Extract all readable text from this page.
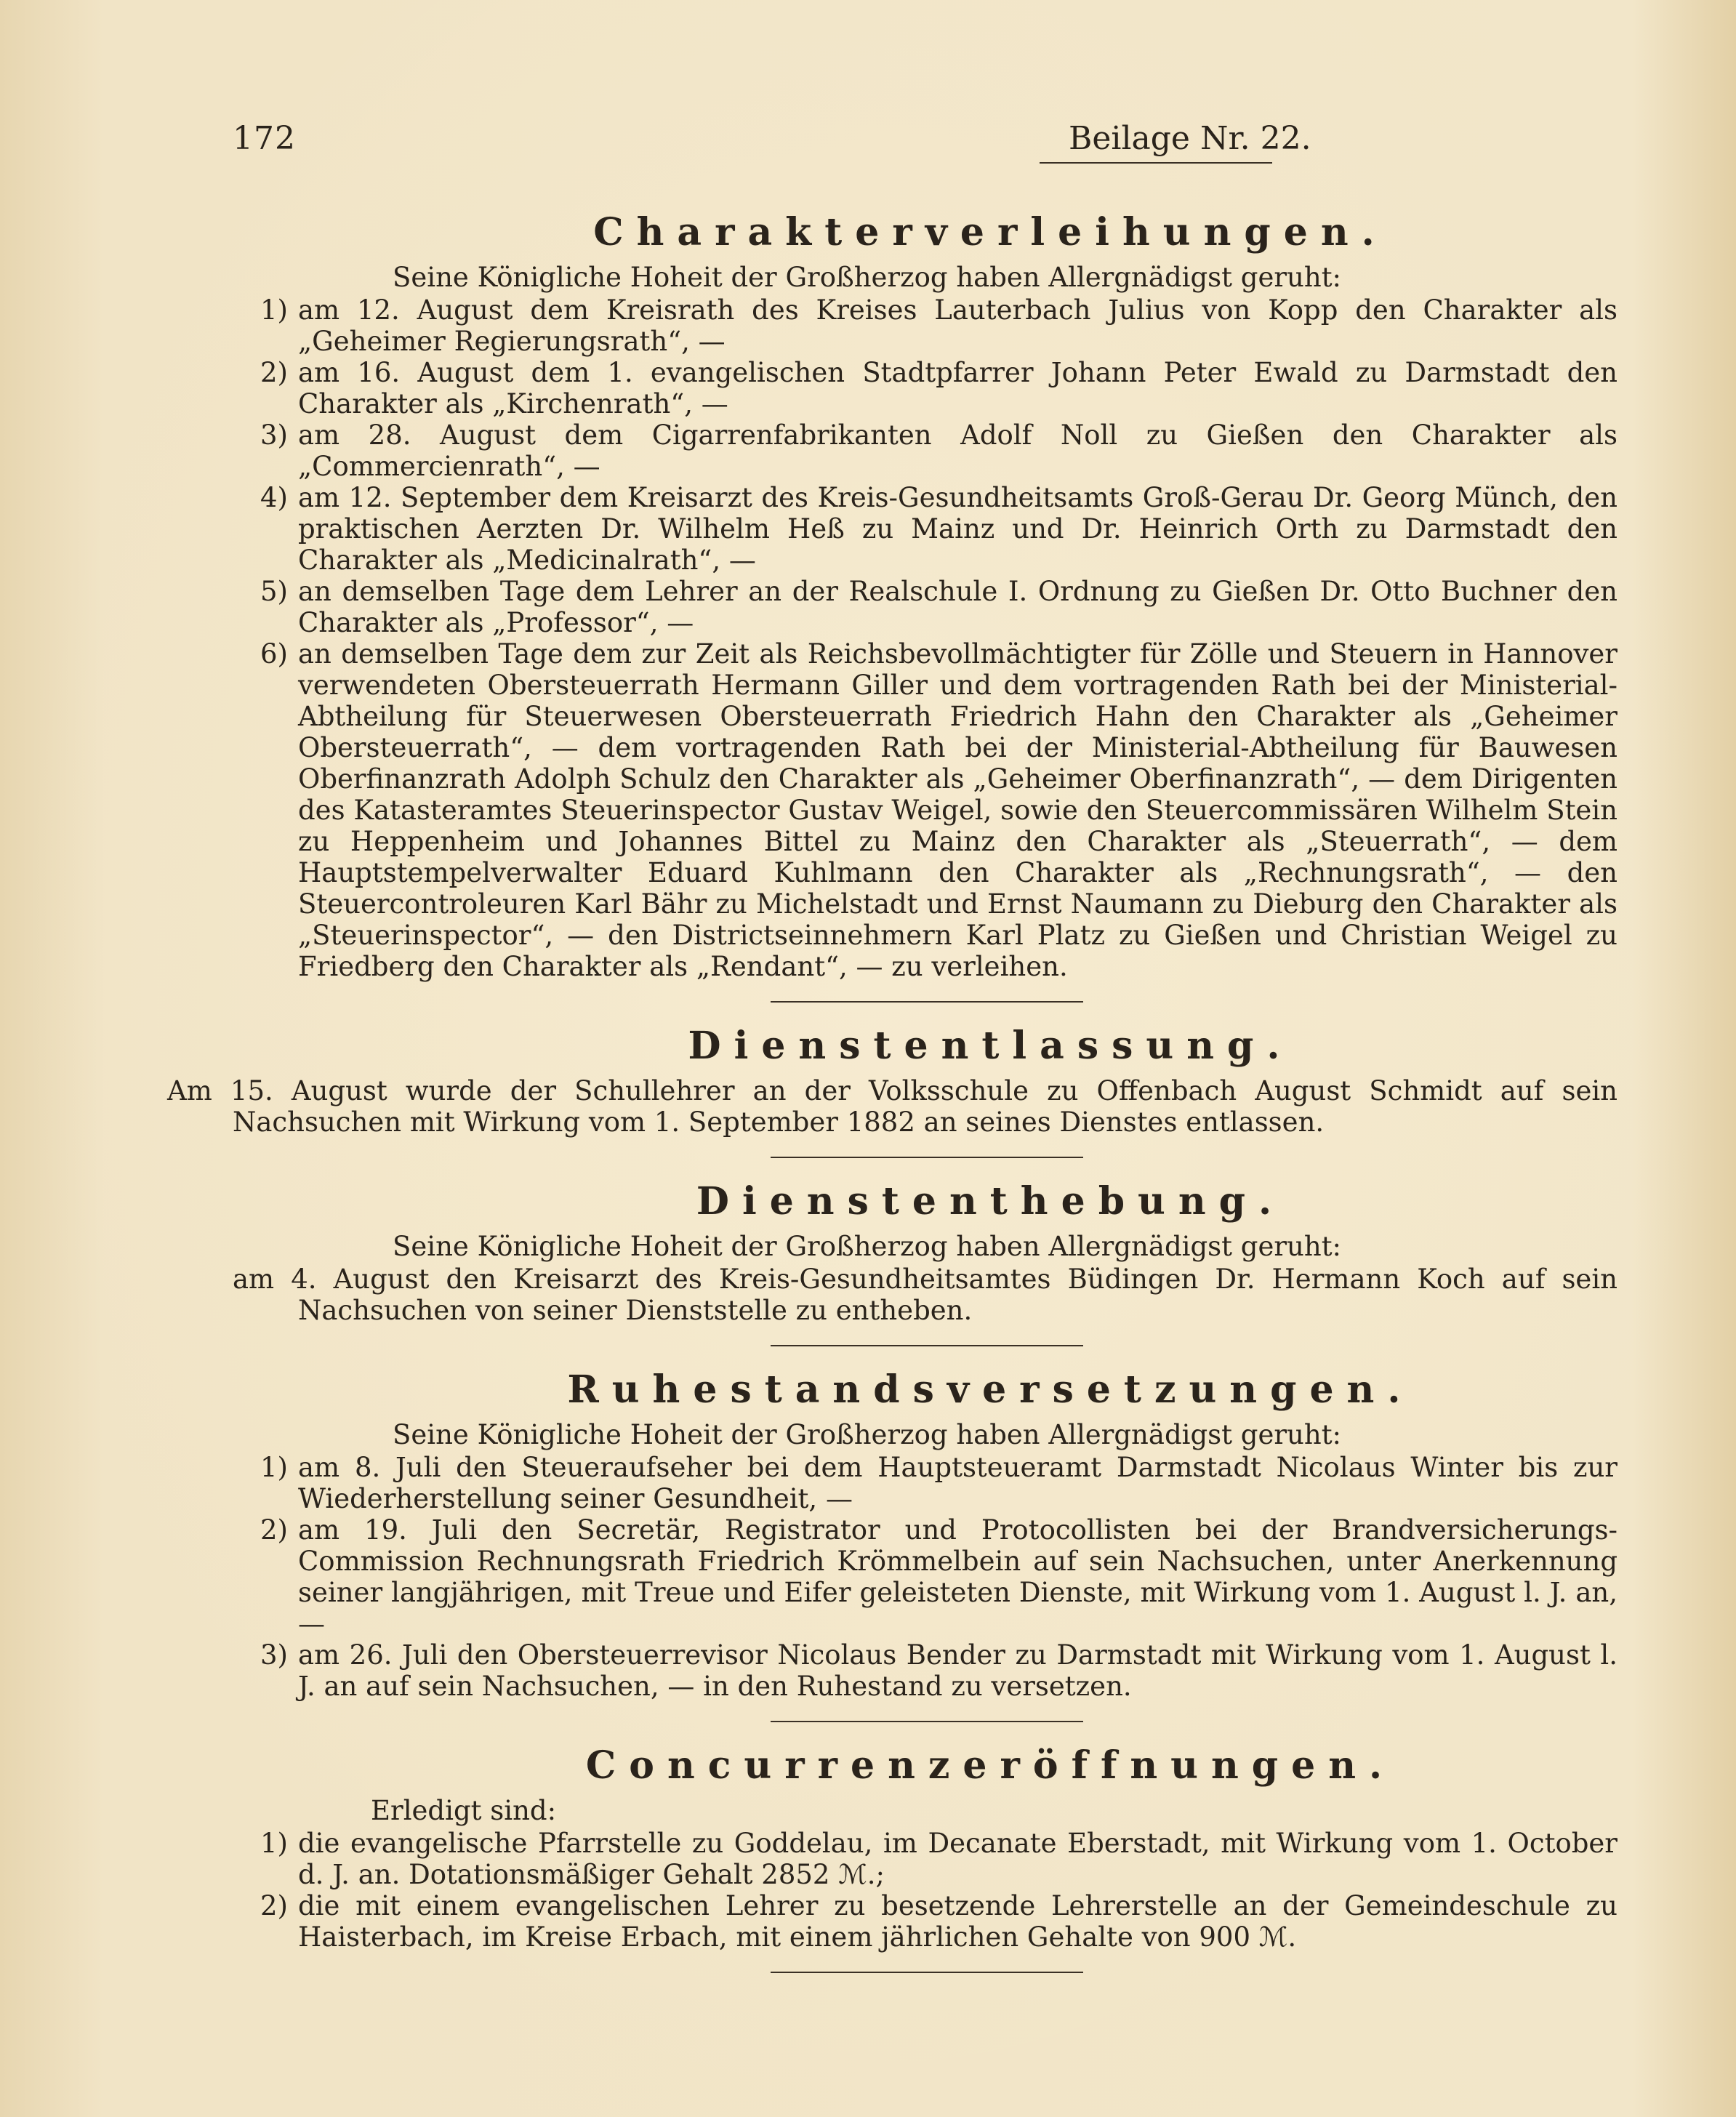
172	Beilage Nr. 22.
Charakterverleihungen.
Seine Königliche Hoheit der Großherzog haben Allergnädigst geruht:
1) am 12. August dem Kreisrath des Kreises Lauterbach Julius von Kopp den Charakter als „Geheimer Regierungsrath“, —
2) am 16. August dem 1. evangelischen Stadtpfarrer Johann Peter Ewald zu Darmstadt den Charakter als „Kirchenrath“, —
3) am 28. August dem Cigarrenfabrikanten Adolf Noll zu Gießen den Charakter als „Commercienrath“, —
4) am 12. September dem Kreisarzt des Kreis-Gesundheitsamts Groß-Gerau Dr. Georg Münch, den praktischen Aerzten Dr. Wilhelm Heß zu Mainz und Dr. Heinrich Orth zu Darmstadt den Charakter als „Medicinalrath“, —
5) an demselben Tage dem Lehrer an der Realschule I. Ordnung zu Gießen Dr. Otto Buchner den Charakter als „Professor“, —
6) an demselben Tage dem zur Zeit als Reichsbevollmächtigter für Zölle und Steuern in Hannover verwendeten Obersteuerrath Hermann Giller und dem vortragenden Rath bei der Ministerial-Abtheilung für Steuerwesen Obersteuerrath Friedrich Hahn den Charakter als „Geheimer Obersteuerrath“, — dem vortragenden Rath bei der Ministerial-Abtheilung für Bauwesen Oberfinanzrath Adolph Schulz den Charakter als „Geheimer Oberfinanzrath“, — dem Dirigenten des Katasteramtes Steuerinspector Gustav Weigel, sowie den Steuercommissären Wilhelm Stein zu Heppenheim und Johannes Bittel zu Mainz den Charakter als „Steuerrath“, — dem Hauptstempelverwalter Eduard Kuhlmann den Charakter als „Rechnungsrath“, — den Steuercontroleuren Karl Bähr zu Michelstadt und Ernst Naumann zu Dieburg den Charakter als „Steuerinspector“, — den Districtseinnehmern Karl Platz zu Gießen und Christian Weigel zu Friedberg den Charakter als „Rendant“, — zu verleihen.
Dienstentlassung.
Am 15. August wurde der Schullehrer an der Volksschule zu Offenbach August Schmidt auf sein Nachsuchen mit Wirkung vom 1. September 1882 an seines Dienstes entlassen.
Dienstenthebung.
Seine Königliche Hoheit der Großherzog haben Allergnädigst geruht:
am 4. August den Kreisarzt des Kreis-Gesundheitsamtes Büdingen Dr. Hermann Koch auf sein Nachsuchen von seiner Dienststelle zu entheben.
Ruhestandsversetzungen.
Seine Königliche Hoheit der Großherzog haben Allergnädigst geruht:
1) am 8. Juli den Steueraufseher bei dem Hauptsteueramt Darmstadt Nicolaus Winter bis zur Wiederherstellung seiner Gesundheit, —
2) am 19. Juli den Secretär, Registrator und Protocollisten bei der Brandversicherungs-Commission Rechnungsrath Friedrich Krömmelbein auf sein Nachsuchen, unter Anerkennung seiner langjährigen, mit Treue und Eifer geleisteten Dienste, mit Wirkung vom 1. August l. J. an, —
3) am 26. Juli den Obersteuerrevisor Nicolaus Bender zu Darmstadt mit Wirkung vom 1. August l. J. an auf sein Nachsuchen, — in den Ruhestand zu versetzen.
Concurrenzeröffnungen.
Erledigt sind:
1) die evangelische Pfarrstelle zu Goddelau, im Decanate Eberstadt, mit Wirkung vom 1. October d. J. an. Dotationsmäßiger Gehalt 2852 ℳ.;
2) die mit einem evangelischen Lehrer zu besetzende Lehrerstelle an der Gemeindeschule zu Haisterbach, im Kreise Erbach, mit einem jährlichen Gehalte von 900 ℳ.
